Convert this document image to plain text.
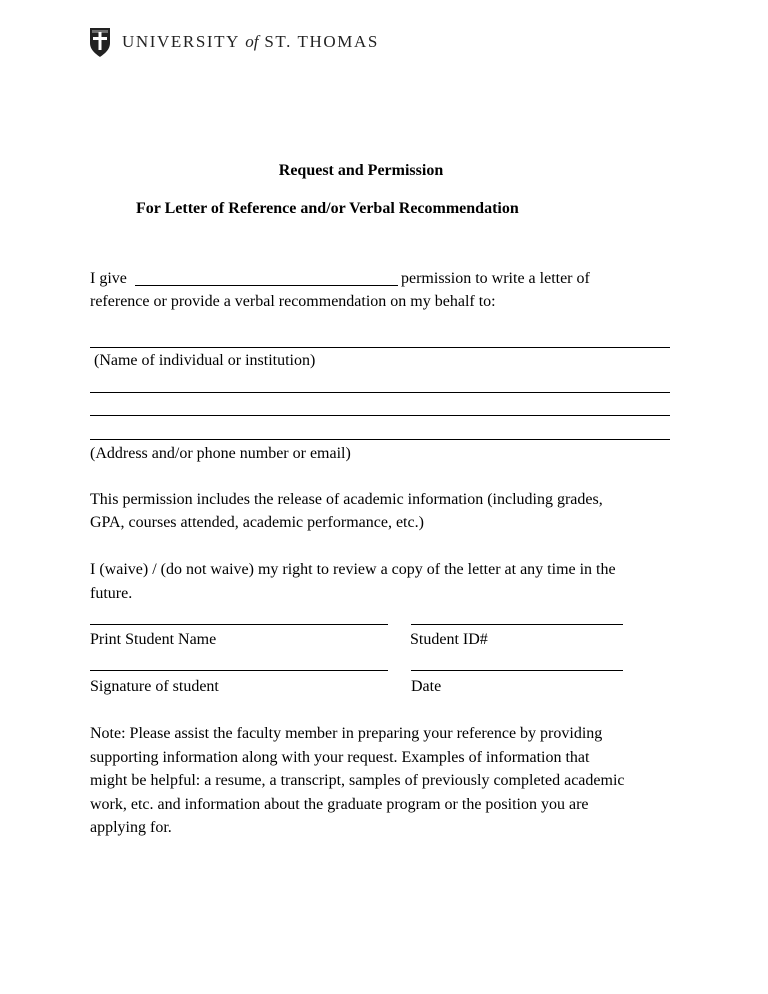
UNIVERSITY of ST. THOMAS
Request and Permission
For Letter of Reference and/or Verbal Recommendation
I give	permission to write a letter of
reference or provide a verbal recommendation on my behalf to:
(Name of individual or institution)
(Address and/or phone number or email)
This permission includes the release of academic information (including grades,
GPA, courses attended, academic performance, etc.)
I (waive) / (do not waive) my right to review a copy of the letter at any time in the
future.
Print Student Name	Student ID#
Signature of student	Date
Note: Please assist the faculty member in preparing your reference by providing
supporting information along with your request. Examples of information that
might be helpful: a resume, a transcript, samples of previously completed academic
work, etc. and information about the graduate program or the position you are
applying for.
